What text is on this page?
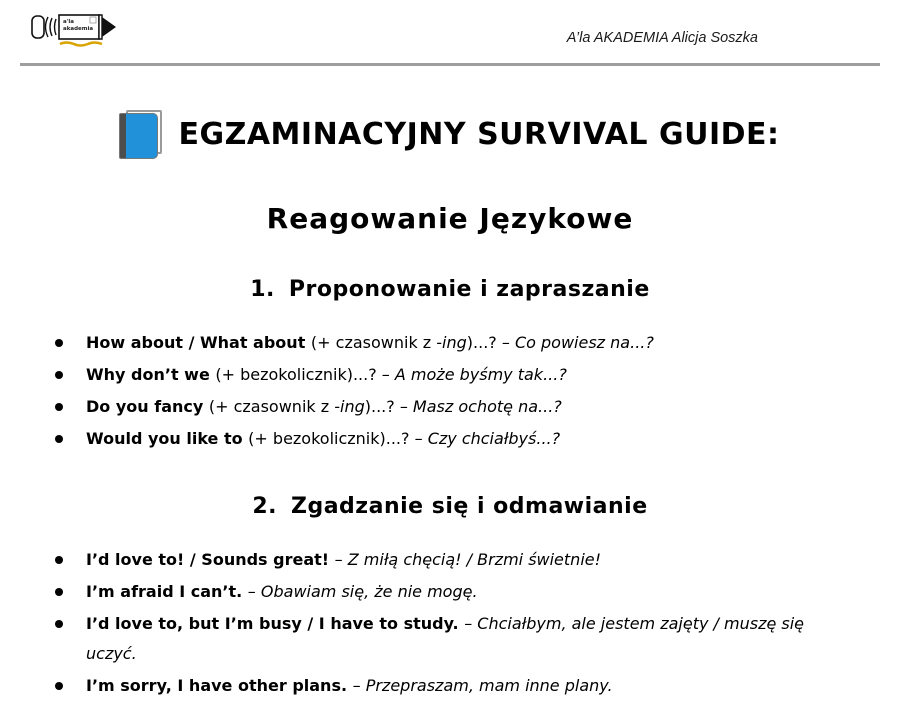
a'la
akademia
A’la AKADEMIA Alicja Soszka
EGZAMINACYJNY SURVIVAL GUIDE:
Reagowanie Językowe
1. Proponowanie i zapraszanie
How about / What about (+ czasownik z -ing)...? – Co powiesz na...?
Why don’t we (+ bezokolicznik)...? – A może byśmy tak...?
Do you fancy (+ czasownik z -ing)...? – Masz ochotę na...?
Would you like to (+ bezokolicznik)...? – Czy chciałbyś...?
2. Zgadzanie się i odmawianie
I’d love to! / Sounds great! – Z miłą chęcią! / Brzmi świetnie!
I’m afraid I can’t. – Obawiam się, że nie mogę.
I’d love to, but I’m busy / I have to study. – Chciałbym, ale jestem zajęty / muszę się uczyć.
I’m sorry, I have other plans. – Przepraszam, mam inne plany.
